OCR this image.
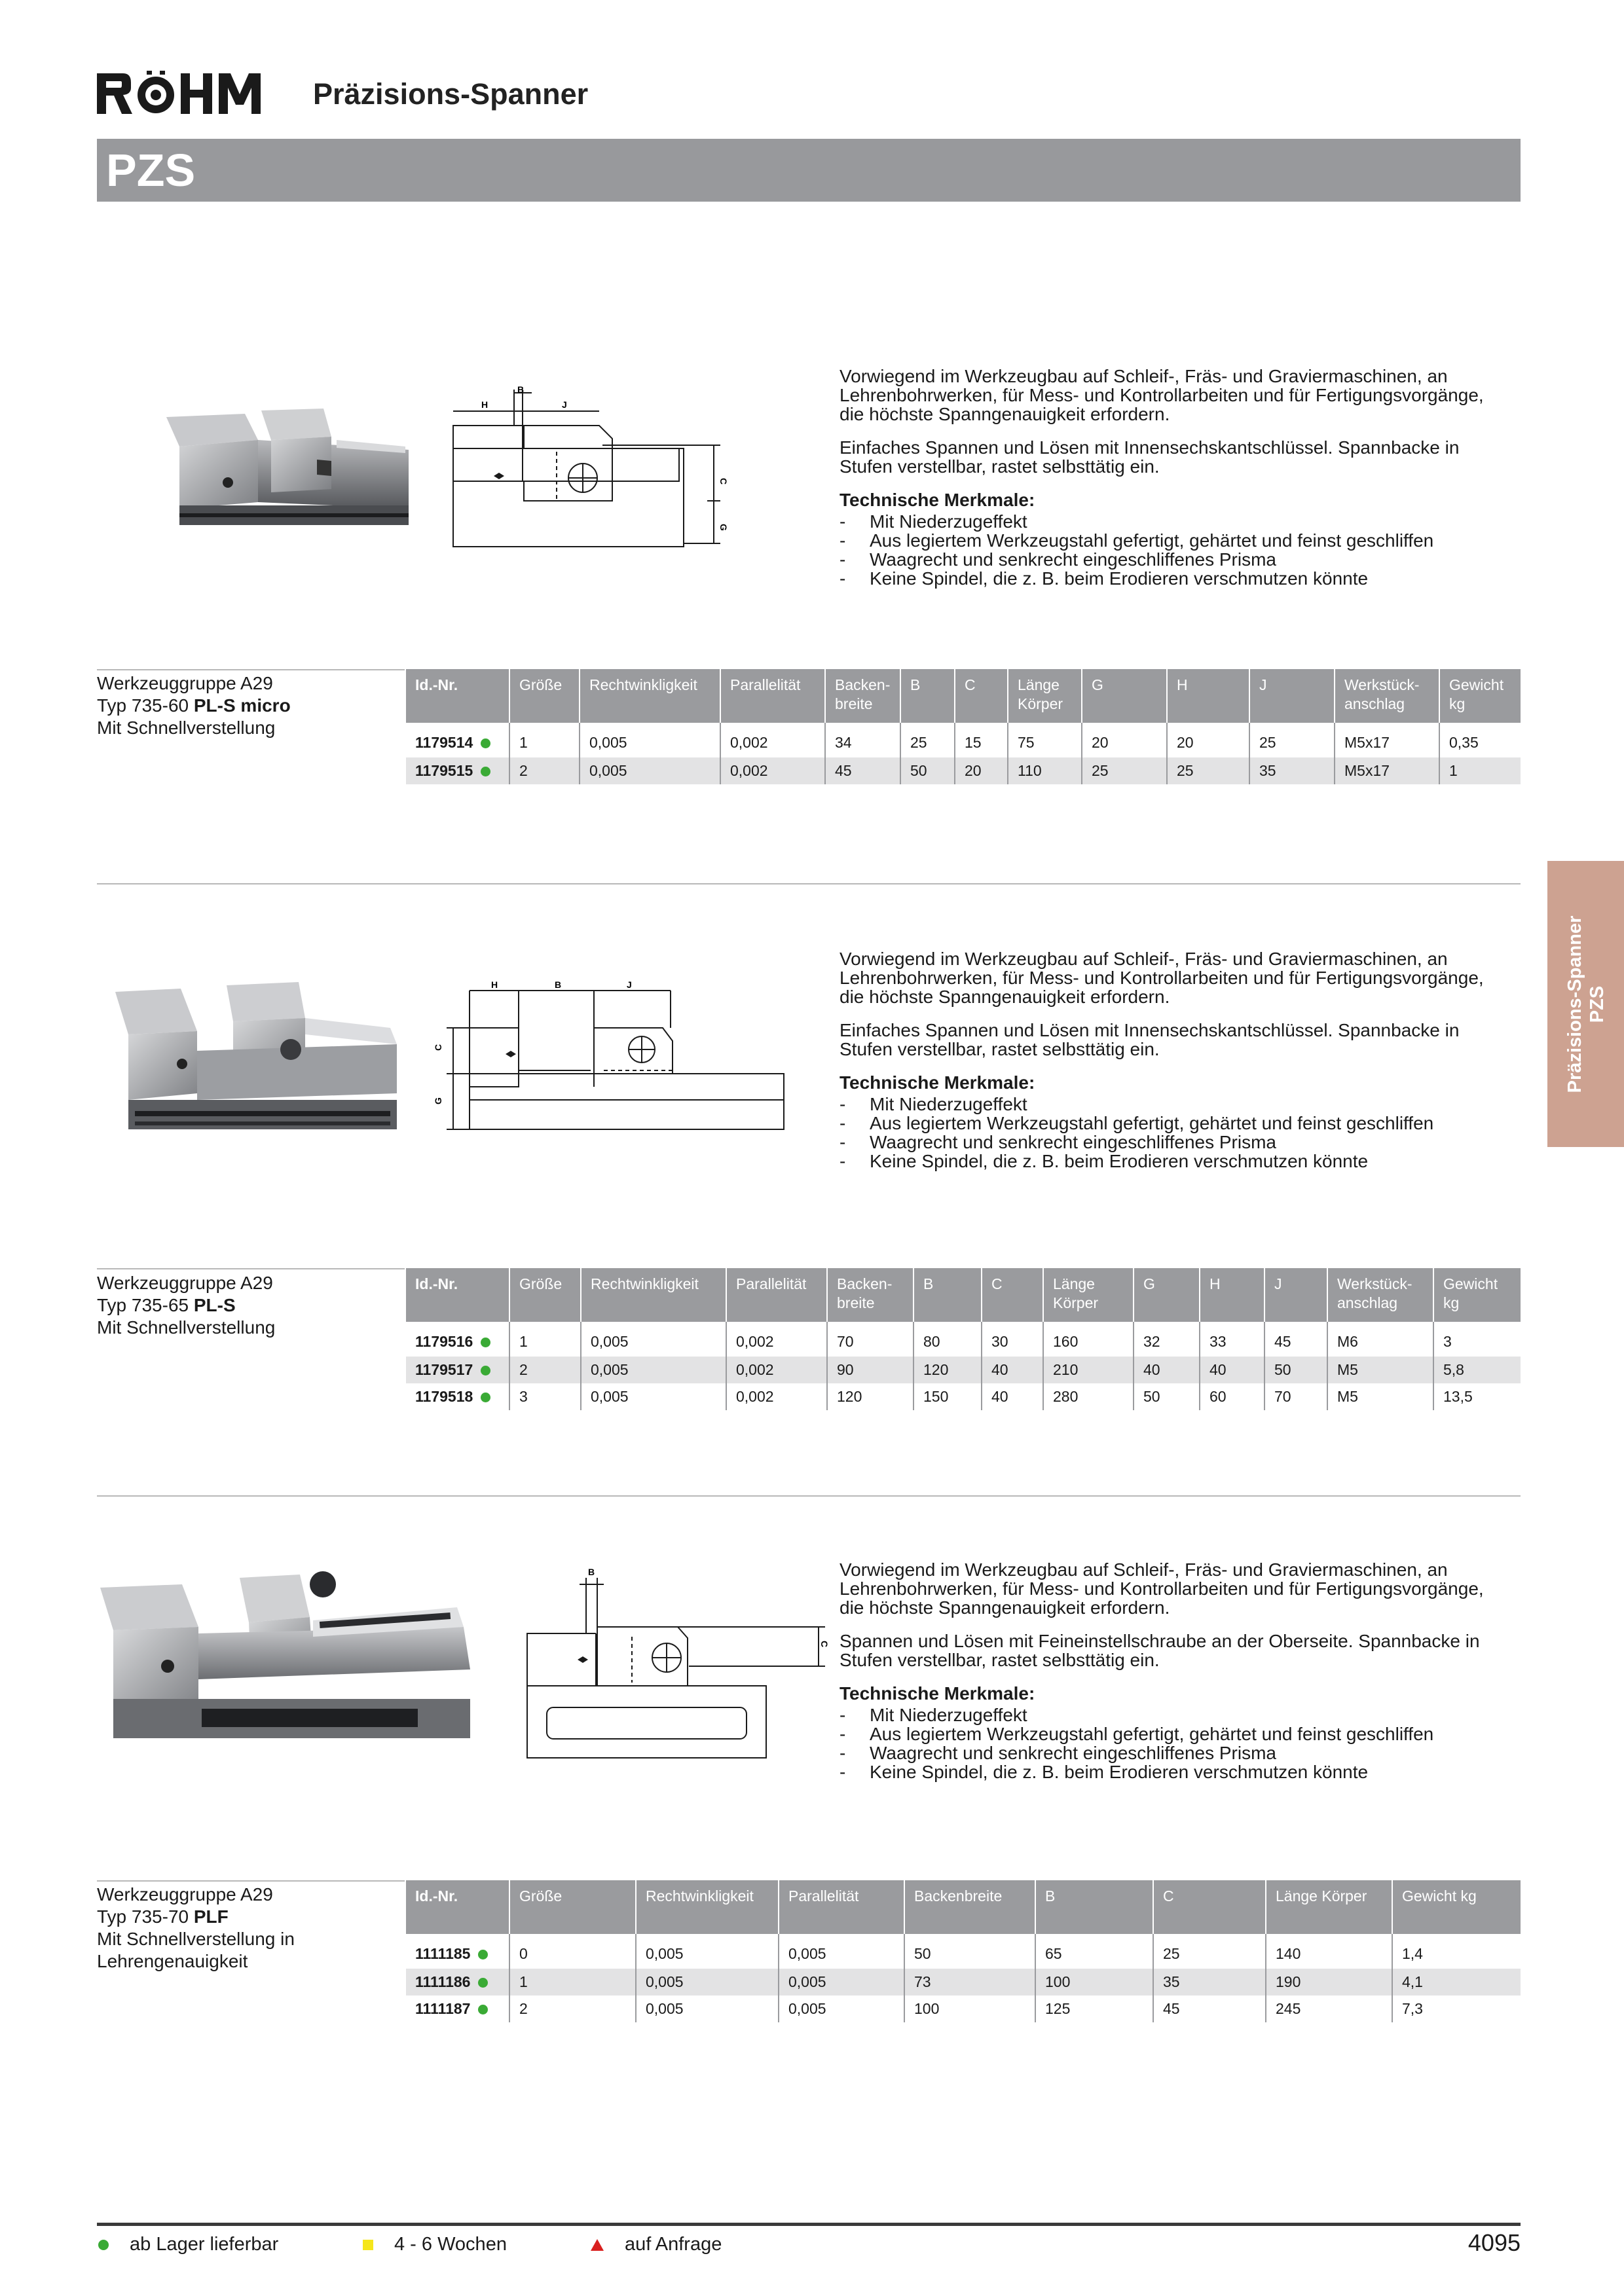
Präzisions-Spanner
PZS
Präzisions-Spanner PZS
B
H	J
C
G

Vorwiegend im Werkzeugbau auf Schleif-, Fräs- und Graviermaschinen, an Lehrenbohrwerken, für Mess- und Kontrollarbeiten und für Fertigungsvorgänge, die höchste Spanngenauigkeit erfordern.

Einfaches Spannen und Lösen mit Innensechskantschlüssel. Spannbacke in Stufen verstellbar, rastet selbsttätig ein.

Technische Merkmale:
- Mit Niederzugeffekt
- Aus legiertem Werkzeugstahl gefertigt, gehärtet und feinst geschliffen
- Waagrecht und senkrecht eingeschliffenes Prisma
- Keine Spindel, die z. B. beim Erodieren verschmutzen könnte
Werkzeuggruppe A29
Typ 735-60 PL-S micro
Mit Schnellverstellung
Id.-Nr.	Größe	Rechtwinkligkeit	Parallelität	Backen- breite	B	C	Länge Körper	G	H	J	Werkstück- anschlag	Gewicht kg
1179514	1	0,005	0,002	34	25	15	75	20	20	25	M5x17	0,35
1179515	2	0,005	0,002	45	50	20	110	25	25	35	M5x17	1
H	B	J
C
G

Vorwiegend im Werkzeugbau auf Schleif-, Fräs- und Graviermaschinen, an Lehrenbohrwerken, für Mess- und Kontrollarbeiten und für Fertigungsvorgänge, die höchste Spanngenauigkeit erfordern.

Einfaches Spannen und Lösen mit Innensechskantschlüssel. Spannbacke in Stufen verstellbar, rastet selbsttätig ein.

Technische Merkmale:
- Mit Niederzugeffekt
- Aus legiertem Werkzeugstahl gefertigt, gehärtet und feinst geschliffen
- Waagrecht und senkrecht eingeschliffenes Prisma
- Keine Spindel, die z. B. beim Erodieren verschmutzen könnte
Werkzeuggruppe A29
Typ 735-65 PL-S
Mit Schnellverstellung
Id.-Nr.	Größe	Rechtwinkligkeit	Parallelität	Backen- breite	B	C	Länge Körper	G	H	J	Werkstück- anschlag	Gewicht kg
1179516	1	0,005	0,002	70	80	30	160	32	33	45	M6	3
1179517	2	0,005	0,002	90	120	40	210	40	40	50	M5	5,8
1179518	3	0,005	0,002	120	150	40	280	50	60	70	M5	13,5
B
C

Vorwiegend im Werkzeugbau auf Schleif-, Fräs- und Graviermaschinen, an Lehrenbohrwerken, für Mess- und Kontrollarbeiten und für Fertigungsvorgänge, die höchste Spanngenauigkeit erfordern.

Spannen und Lösen mit Feineinstellschraube an der Oberseite. Spannbacke in Stufen verstellbar, rastet selbsttätig ein.

Technische Merkmale:
- Mit Niederzugeffekt
- Aus legiertem Werkzeugstahl gefertigt, gehärtet und feinst geschliffen
- Waagrecht und senkrecht eingeschliffenes Prisma
- Keine Spindel, die z. B. beim Erodieren verschmutzen könnte
Werkzeuggruppe A29
Typ 735-70 PLF
Mit Schnellverstellung in Lehrengenauigkeit
Id.-Nr.	Größe	Rechtwinkligkeit	Parallelität	Backenbreite	B	C	Länge Körper	Gewicht kg
1111185	0	0,005	0,005	50	65	25	140	1,4
1111186	1	0,005	0,005	73	100	35	190	4,1
1111187	2	0,005	0,005	100	125	45	245	7,3
ab Lager lieferbar	4 - 6 Wochen	auf Anfrage	4095
